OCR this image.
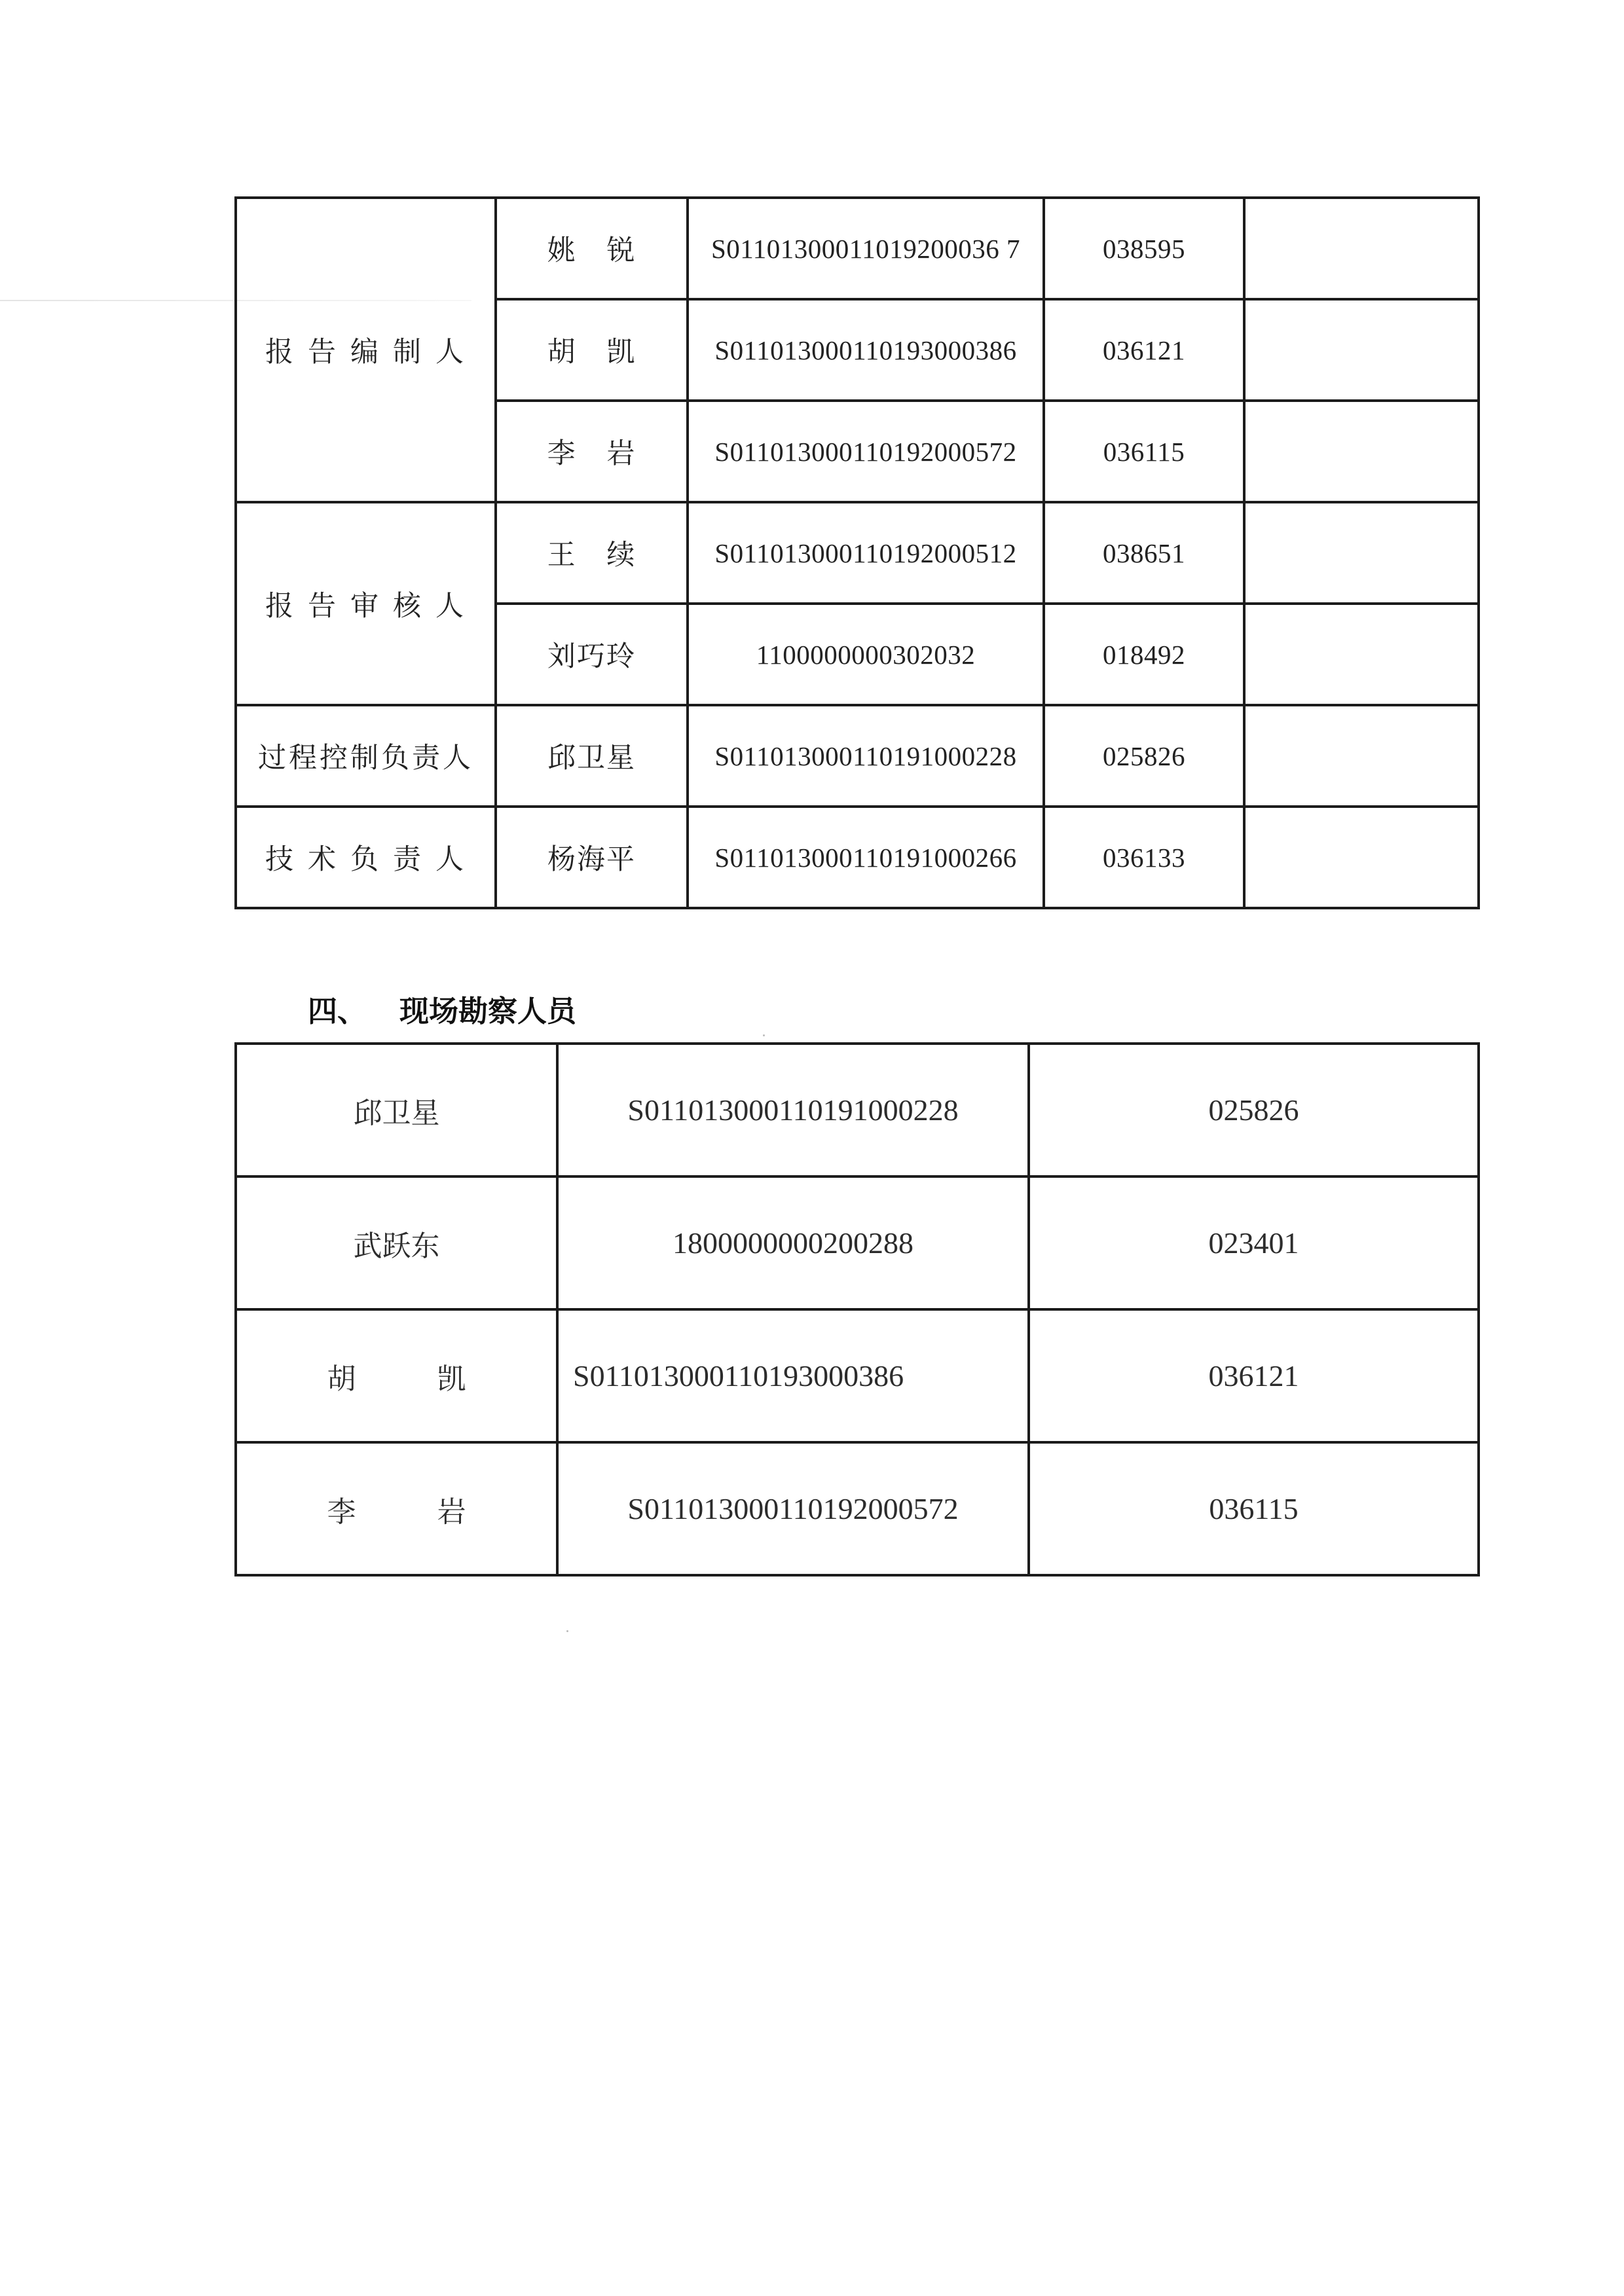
报告编制人	姚 锐	S01101300011019200036 7	038595	
	胡 凯	S011013000110193000386	036121	
	李 岩	S011013000110192000572	036115	
报告审核人	王 续	S011013000110192000512	038651	
	刘巧玲	1100000000302032	018492	
过程控制负责人	邱卫星	S011013000110191000228	025826	
技术负责人	杨海平	S011013000110191000266	036133	
四、 现场勘察人员
邱卫星	S011013000110191000228	025826
武跃东	1800000000200288	023401
胡 凯	S011013000110193000386	036121
李 岩	S011013000110192000572	036115
